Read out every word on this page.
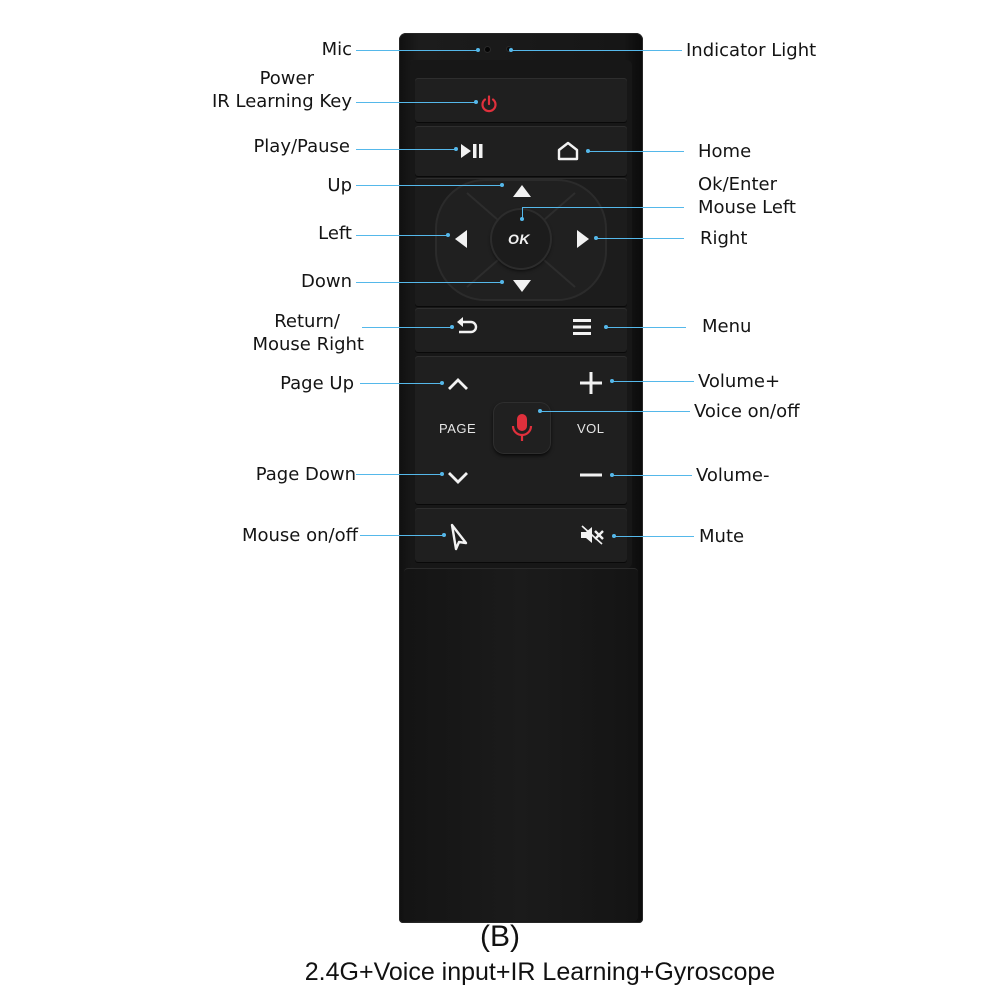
OK
PAGE	VOL
Mic	Indicator Light
Power
IR Learning Key
Play/Pause	Home
Up	Ok/Enter
Mouse Left
Left	Right
Down
Return/
Mouse Right
Menu
Page Up	Volume+
Voice on/off
Page Down	Volume-
Mouse on/off	Mute
(B)
2.4G+Voice input+IR Learning+Gyroscope
